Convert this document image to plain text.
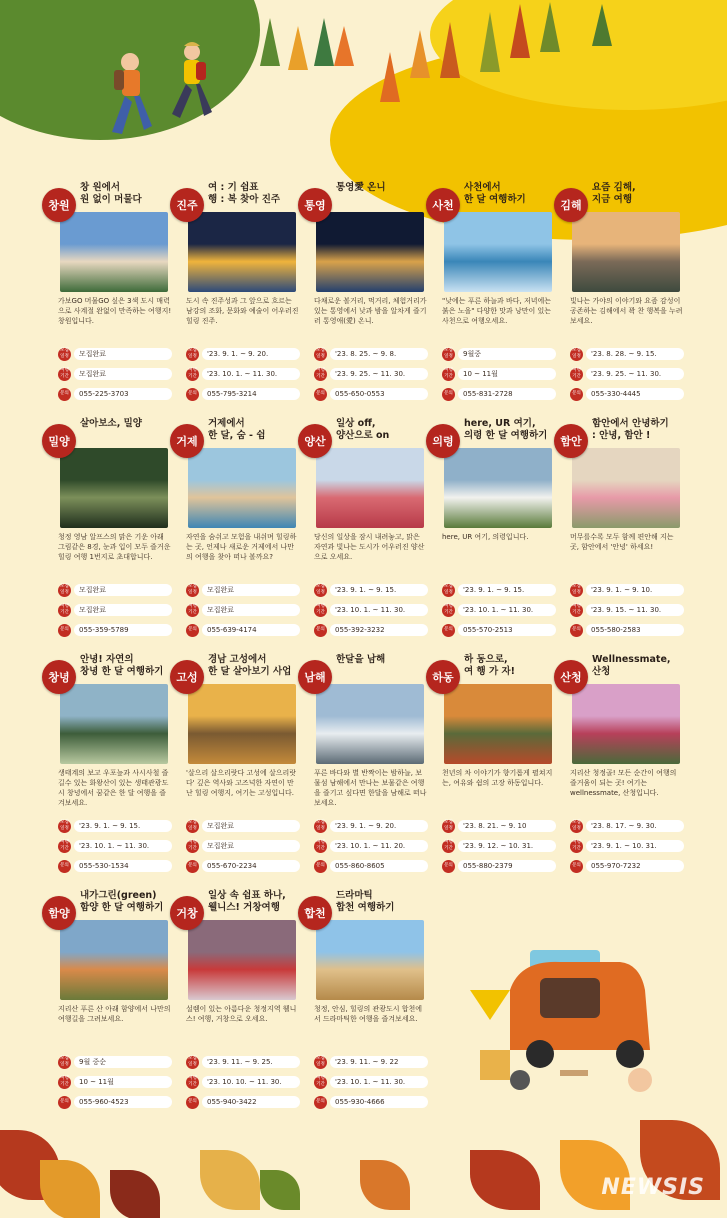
창원
창 원에서
원 없이 머물다
가보GO 머물GO 싶은 3색 도시 매력으로 사계절 완없이 만족하는 여행지! 창원입니다.
모집일정	모집완료
여행기간	모집완료
문의	055-225-3703
진주
여 : 기 쉼표
행 : 복 찾아 진주
도시 속 진주성과 그 앞으로 흐르는 남강의 조화, 문화와 예술이 어우러진 힐링 진주.
모집일정	'23. 9. 1. ~ 9. 20.
여행기간	'23. 10. 1. ~ 11. 30.
문의	055-795-3214
통영
통영愛 온니
다채로운 볼거리, 먹거리, 체험거리가 있는 통영에서 낮과 밤을 알차게 즐기러 통영애(愛) 온니.
모집일정	'23. 8. 25. ~ 9. 8.
여행기간	'23. 9. 25. ~ 11. 30.
문의	055-650-0553
사천
사천에서
한 달 여행하기
"낮에는 푸른 하늘과 바다, 저녁에는 붉은 노을" 다양한 맛과 낭만이 있는 사천으로 여행오세요.
모집일정	9월중
여행기간	10 ~ 11월
문의	055-831-2728
김해
요즘 김해,
지금 여행
빛나는 가야의 이야기와 요즘 감성이 공존하는 김해에서 꽉 찬 행복을 누려보세요.
모집일정	'23. 8. 28. ~ 9. 15.
여행기간	'23. 9. 25. ~ 11. 30.
문의	055-330-4445
밀양
살아보소, 밀양
청정 영남 알프스의 맑은 기운 아래 그림같은 8경, 눈과 입이 모두 즐거운 힐링 여행 1번지로 초대합니다.
모집일정	모집완료
여행기간	모집완료
문의	055-359-5789
거제
거제에서
한 달, 숨 - 쉼
자연을 숨쉬고 모험을 내쉬며 힐링하는 곳, 언제나 새로운 거제에서 나만의 여행을 찾아 떠나 볼까요?
모집일정	모집완료
여행기간	모집완료
문의	055-639-4174
양산
일상 off,
양산으로 on
당신의 일상을 잠시 내려놓고, 맑은 자연과 빛나는 도시가 어우러진 양산으로 오세요.
모집일정	'23. 9. 1. ~ 9. 15.
여행기간	'23. 10. 1. ~ 11. 30.
문의	055-392-3232
의령
here, UR 여기,
의령 한 달 여행하기
here, UR 여기, 의령입니다.
모집일정	'23. 9. 1. ~ 9. 15.
여행기간	'23. 10. 1. ~ 11. 30.
문의	055-570-2513
함안
함안에서 안녕하기
: 안녕, 함안 !
머무를수록 모두 함께 편안해 지는 곳, 함안에서 '안녕' 하세요!
모집일정	'23. 9. 1. ~ 9. 10.
여행기간	'23. 9. 15. ~ 11. 30.
문의	055-580-2583
창녕
안녕! 자연의
창녕 한 달 여행하기
생태계의 보고 우포늪과 사시사철 즐길수 있는 화왕산이 있는 생태관광도시 창녕에서 꿈같은 한 달 여행을 즐겨보세요.
모집일정	'23. 9. 1. ~ 9. 15.
여행기간	'23. 10. 1. ~ 11. 30.
문의	055-530-1534
고성
경남 고성에서
한 달 살아보기 사업
'살으리 살으리랏다 고성에 살으리랏다' 깊은 역사와 고즈넉한 자연이 만난 힐링 여행지, 여기는 고성입니다.
모집일정	모집완료
여행기간	모집완료
문의	055-670-2234
남해
한달을 남해
푸른 바다와 별 반짝이는 밤하늘, 보물섬 남해에서 만나는 보물같은 여행을 즐기고 싶다면 한달을 남해로 떠나보세요.
모집일정	'23. 9. 1. ~ 9. 20.
여행기간	'23. 10. 1. ~ 11. 20.
문의	055-860-8605
하동
하 동으로,
여 행 가 자!
천년의 차 이야기가 향기롭게 펼쳐지는, 여유와 쉼의 고장 하동입니다.
모집일정	'23. 8. 21. ~ 9. 10
여행기간	'23. 9. 12. ~ 10. 31.
문의	055-880-2379
산청
Wellnessmate,
산청
지리산 청정골! 모든 순간이 여행의 즐거움이 되는 곳! 여기는 wellnessmate, 산청입니다.
모집일정	'23. 8. 17. ~ 9. 30.
여행기간	'23. 9. 1. ~ 10. 31.
문의	055-970-7232
함양
내가그린(green)
함양 한 달 여행하기
지리산 푸른 산 아래 함양에서 나만의 여행길을 그려보세요.
모집일정	9월 중순
여행기간	10 ~ 11월
문의	055-960-4523
거창
일상 속 쉼표 하나,
웰니스! 거창여행
설렘이 있는 아름다운 청정지역 웰니스! 여행, 거창으로 오세요.
모집일정	'23. 9. 11. ~ 9. 25.
여행기간	'23. 10. 10. ~ 11. 30.
문의	055-940-3422
합천
드라마틱
합천 여행하기
청정, 안심, 힐링의 관광도시 합천에서 드라마틱한 여행을 즐겨보세요.
모집일정	'23. 9. 11. ~ 9. 22
여행기간	'23. 10. 1. ~ 11. 30.
문의	055-930-4666
NEWSIS
